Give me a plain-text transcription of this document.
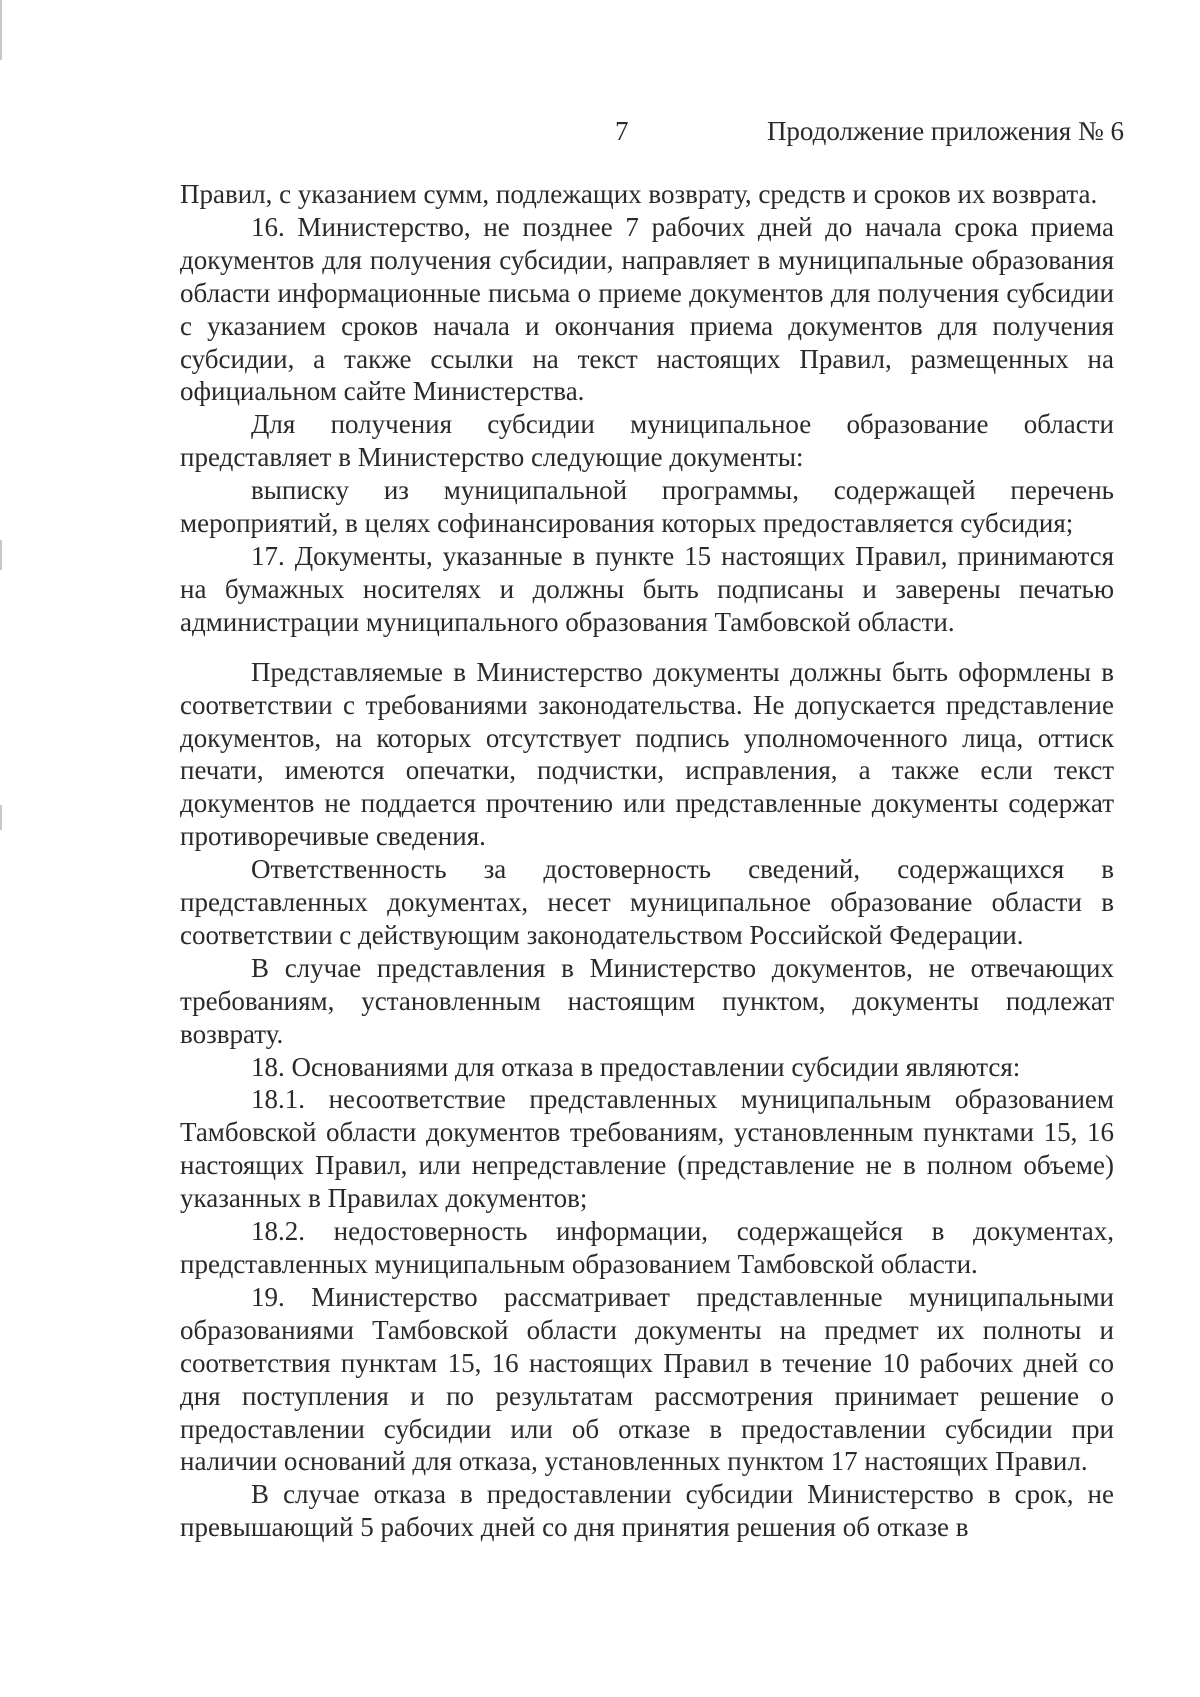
7	Продолжение приложения № 6

Правил, с указанием сумм, подлежащих возврату, средств и сроков их возврата.

16. Министерство, не позднее 7 рабочих дней до начала срока приема документов для получения субсидии, направляет в муниципальные образования области информационные письма о приеме документов для получения субсидии с указанием сроков начала и окончания приема документов для получения субсидии, а также ссылки на текст настоящих Правил, размещенных на официальном сайте Министерства.

Для получения субсидии муниципальное образование области представляет в Министерство следующие документы:

выписку из муниципальной программы, содержащей перечень мероприятий, в целях софинансирования которых предоставляется субсидия;

17. Документы, указанные в пункте 15 настоящих Правил, принимаются на бумажных носителях и должны быть подписаны и заверены печатью администрации муниципального образования Тамбовской области.

Представляемые в Министерство документы должны быть оформлены в соответствии с требованиями законодательства. Не допускается представление документов, на которых отсутствует подпись уполномоченного лица, оттиск печати, имеются опечатки, подчистки, исправления, а также если текст документов не поддается прочтению или представленные документы содержат противоречивые сведения.

Ответственность за достоверность сведений, содержащихся в представленных документах, несет муниципальное образование области в соответствии с действующим законодательством Российской Федерации.

В случае представления в Министерство документов, не отвечающих требованиям, установленным настоящим пунктом, документы подлежат возврату.

18. Основаниями для отказа в предоставлении субсидии являются:

18.1. несоответствие представленных муниципальным образованием Тамбовской области документов требованиям, установленным пунктами 15, 16 настоящих Правил, или непредставление (представление не в полном объеме) указанных в Правилах документов;

18.2. недостоверность информации, содержащейся в документах, представленных муниципальным образованием Тамбовской области.

19. Министерство рассматривает представленные муниципальными образованиями Тамбовской области документы на предмет их полноты и соответствия пунктам 15, 16 настоящих Правил в течение 10 рабочих дней со дня поступления и по результатам рассмотрения принимает решение о предоставлении субсидии или об отказе в предоставлении субсидии при наличии оснований для отказа, установленных пунктом 17 настоящих Правил.

В случае отказа в предоставлении субсидии Министерство в срок, не превышающий 5 рабочих дней со дня принятия решения об отказе в
